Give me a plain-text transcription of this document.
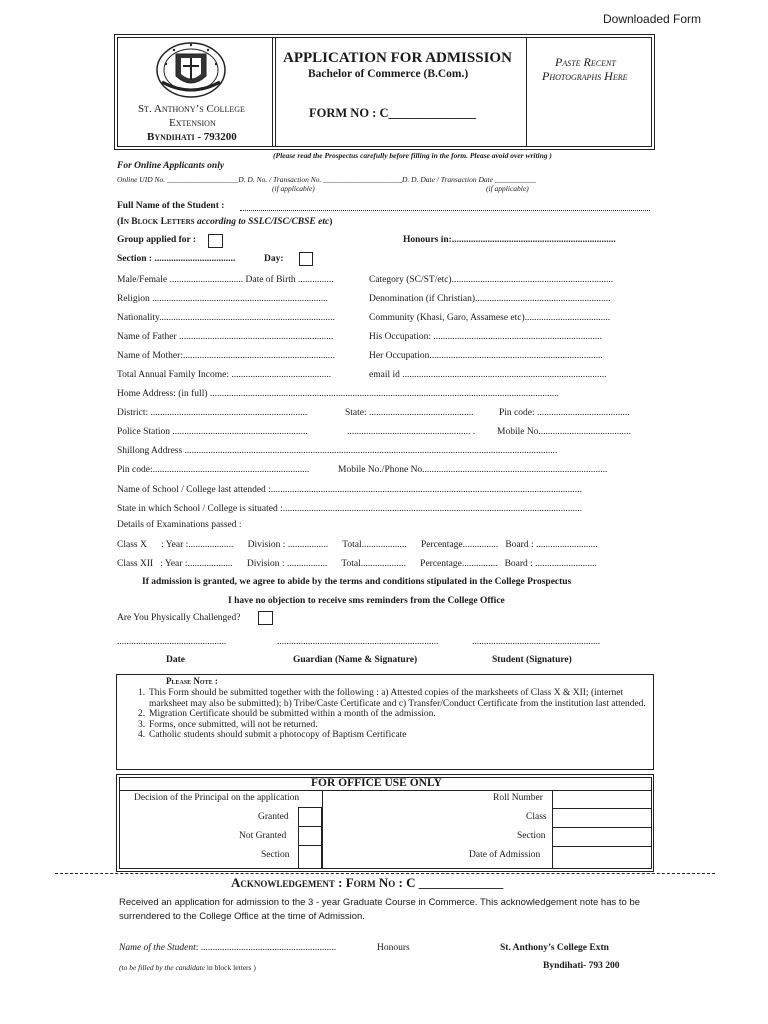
Downloaded Form
St. Anthony’s College
Extension
Byndihati - 793200
APPLICATION FOR ADMISSION
Bachelor of Commerce (B.Com.)
FORM NO : C______________
Paste Recent
Photographs Here
(Please read the Prospectus carefully before filling in the form. Please avoid over writing )
For Online Applicants only
Online UID No. ___________________D. D. No. / Transaction No. _____________________D. D. Date / Transaction Date ___________
(if applicable)	(if applicable)
Full Name of the Student :
(In Block Letters according to SSLC/ISC/CBSE etc)
Group applied for :	Honours in:.....................................................................
Section : ..................................	Day:
Male/Female ............................... Date of Birth ...............	Category (SC/ST/etc)....................................................................
Religion ..........................................................................	Denomination (if Christian).........................................................
Nationality..........................................................................	Community (Khasi, Garo, Assamese etc)....................................
Name of Father .................................................................	His Occupation: .......................................................................
Name of Mother:................................................................	Her Occupation.........................................................................
Total Annual Family Income: ..........................................	email id ......................................................................................
Home Address: (in full) ...................................................................................................................................................
District: ..................................................................	State: ............................................	Pin code: .......................................
Police Station .........................................................	.................................................... . Mobile No.......................................
Shillong Address .............................................................................................................................................................
Pin code:..................................................................	Mobile No./Phone No..............................................................................
Name of School / College last attended :...................................................................................................................................
State in which School / College is situated :..............................................................................................................................
Details of Examinations passed :
Class X      : Year :...................      Division : .................      Total...................      Percentage...............   Board : ..........................
Class XII   : Year :...................      Division : .................      Total...................      Percentage...............   Board : ..........................
If admission is granted, we agree to abide by the terms and conditions stipulated in the College Prospectus
I have no objection to receive sms reminders from the College Office
Are You Physically Challenged?
..............................................	....................................................................	......................................................
Date	Guardian (Name & Signature)	Student (Signature)
Please Note :
1. This Form should be submitted together with the following : a) Attested copies of the marksheets of Class X & XII; (internet marksheet may also be submitted); b) Tribe/Caste Certificate and c) Transfer/Conduct Certificate from the institution last attended.
2. Migration Certificate should be submitted within a month of the admission.
3. Forms, once submitted, will not be returned.
4. Catholic students should submit a photocopy of Baptism Certificate
FOR OFFICE USE ONLY
Decision of the Principal on the application
Granted
Not Granted
Section
Roll Number
Class
Section
Date of Admission
Acknowledgement : Form No : C _____________
Received an application for admission to the 3 - year Graduate Course in Commerce. This acknowledgement note has to be
surrendered to the College Office at the time of Admission.
Name of the Student: .........................................................	Honours	St. Anthony’s College Extn
Byndihati- 793 200
(to be filled by the candidate in block letters )
